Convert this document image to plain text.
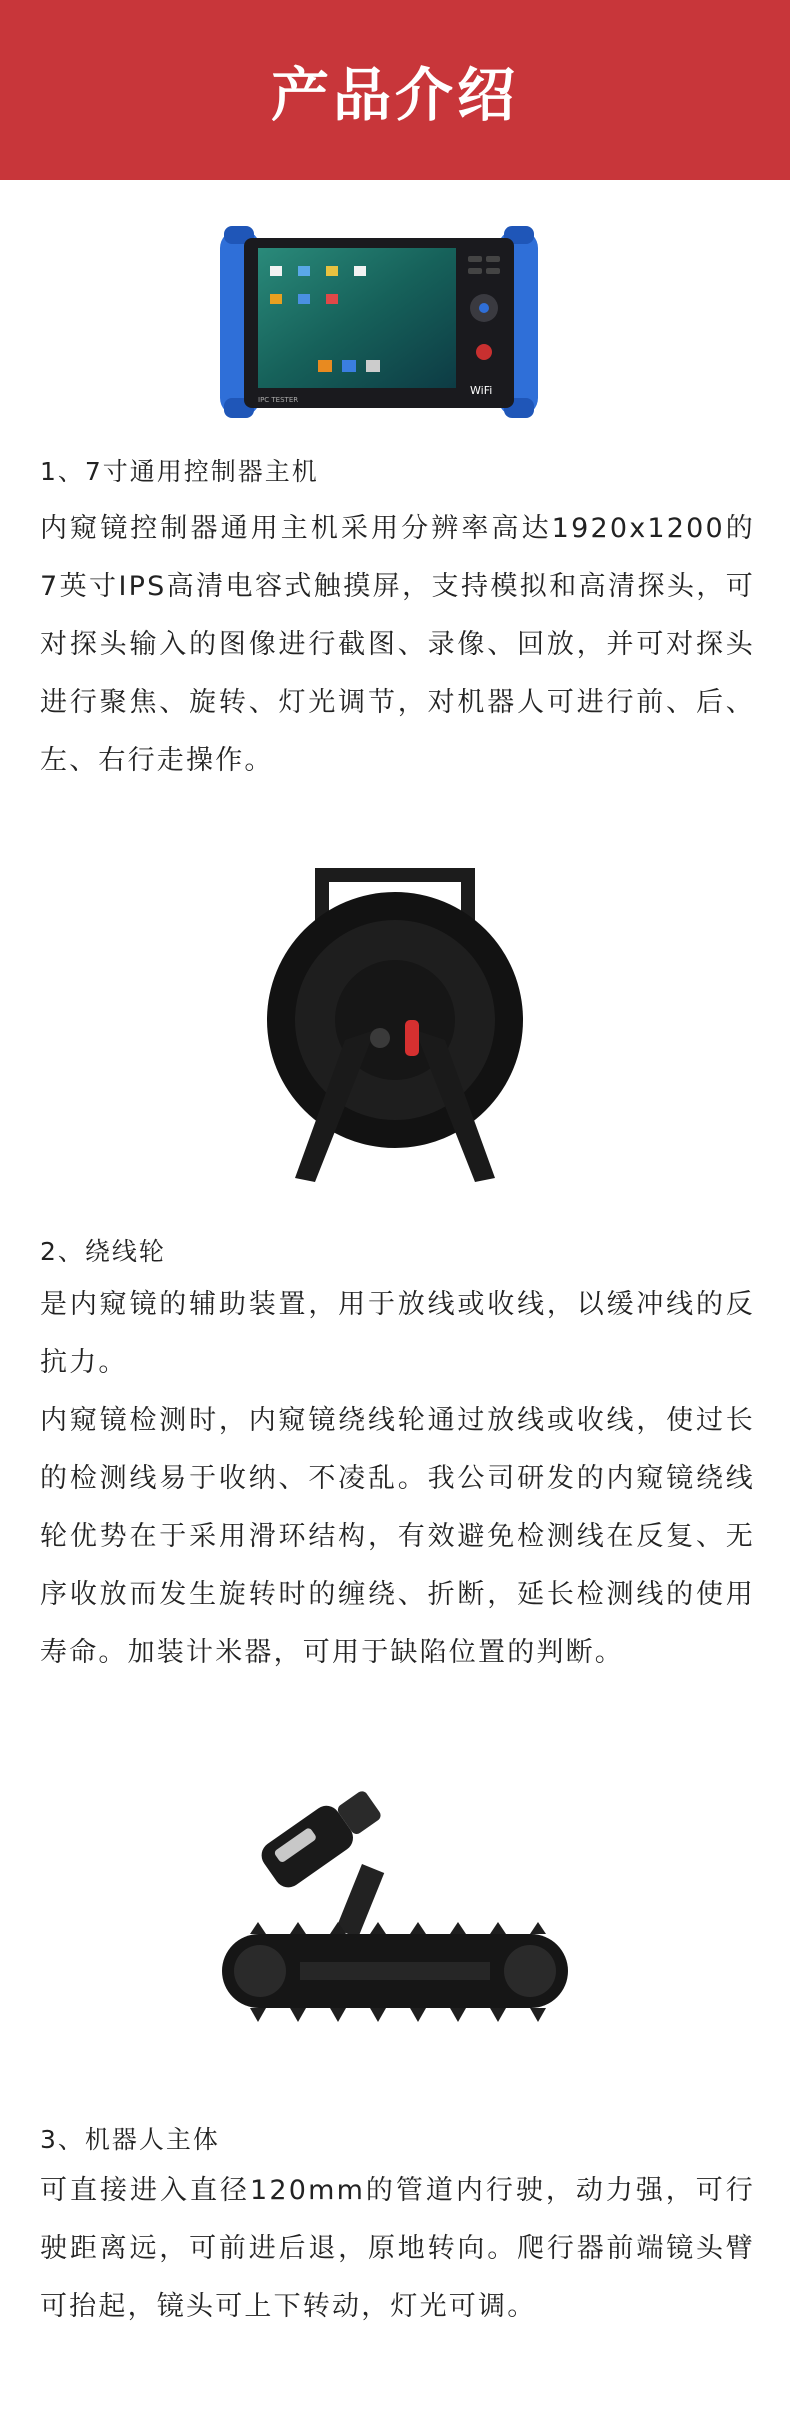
产品介绍
IPC TESTER
WiFi
1、7寸通用控制器主机
内窥镜控制器通用主机采用分辨率高达1920x1200的7英寸IPS高清电容式触摸屏，支持模拟和高清探头，可对探头输入的图像进行截图、录像、回放，并可对探头进行聚焦、旋转、灯光调节，对机器人可进行前、后、左、右行走操作。
2、绕线轮
是内窥镜的辅助装置，用于放线或收线，以缓冲线的反抗力。
内窥镜检测时，内窥镜绕线轮通过放线或收线，使过长的检测线易于收纳、不凌乱。我公司研发的内窥镜绕线轮优势在于采用滑环结构，有效避免检测线在反复、无序收放而发生旋转时的缠绕、折断，延长检测线的使用寿命。加装计米器，可用于缺陷位置的判断。
3、机器人主体
可直接进入直径120mm的管道内行驶，动力强，可行驶距离远，可前进后退，原地转向。爬行器前端镜头臂可抬起，镜头可上下转动，灯光可调。
